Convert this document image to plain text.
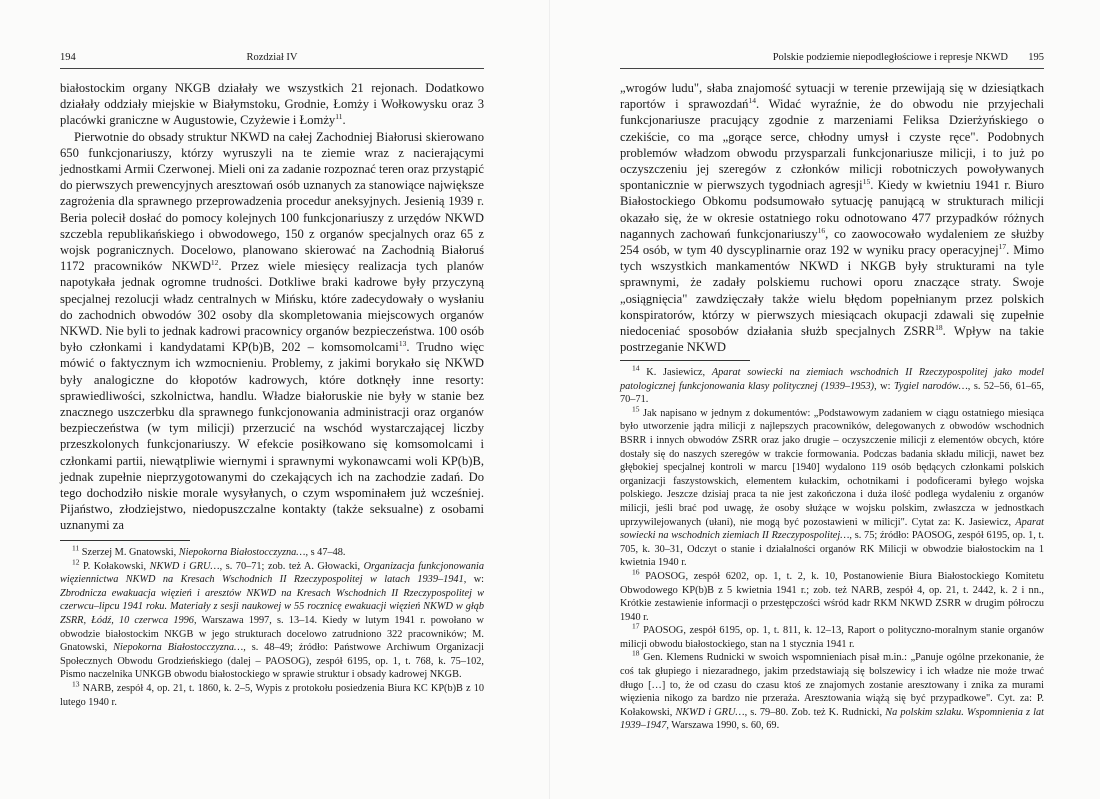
194	Rozdział IV

białostockim organy NKGB działały we wszystkich 21 rejonach. Dodatkowo działały oddziały miejskie w Białymstoku, Grodnie, Łomży i Wołkowysku oraz 3 placówki graniczne w Augustowie, Czyżewie i Łomży$^{11}$.

Pierwotnie do obsady struktur NKWD na całej Zachodniej Białorusi skierowano 650 funkcjonariuszy, którzy wyruszyli na te ziemie wraz z nacierającymi jednostkami Armii Czerwonej. Mieli oni za zadanie rozpoznać teren oraz przystąpić do pierwszych prewencyjnych aresztowań osób uznanych za stanowiące największe zagrożenia dla sprawnego przeprowadzenia procedur aneksyjnych. Jesienią 1939 r. Beria polecił dosłać do pomocy kolejnych 100 funkcjonariuszy z urzędów NKWD szczebla republikańskiego i obwodowego, 150 z organów specjalnych oraz 65 z wojsk pogranicznych. Docelowo, planowano skierować na Zachodnią Białoruś 1172 pracowników NKWD$^{12}$. Przez wiele miesięcy realizacja tych planów napotykała jednak ogromne trudności. Dotkliwe braki kadrowe były przyczyną specjalnej rezolucji władz centralnych w Mińsku, które zadecydowały o wysłaniu do zachodnich obwodów 302 osoby dla skompletowania miejscowych organów NKWD. Nie byli to jednak kadrowi pracownicy organów bezpieczeństwa. 100 osób było członkami i kandydatami KP(b)B, 202 – komsomolcami$^{13}$. Trudno więc mówić o faktycznym ich wzmocnieniu. Problemy, z jakimi borykało się NKWD były analogiczne do kłopotów kadrowych, które dotknęły inne resorty: sprawiedliwości, szkolnictwa, handlu. Władze białoruskie nie były w stanie bez znacznego uszczerbku dla sprawnego funkcjonowania administracji oraz organów bezpieczeństwa (w tym milicji) przerzucić na wschód wystarczającej liczby przeszkolonych funkcjonariuszy. W efekcie posiłkowano się komsomolcami i członkami partii, niewątpliwie wiernymi i sprawnymi wykonawcami woli KP(b)B, jednak zupełnie nieprzygotowanymi do czekających ich na zachodzie zadań. Do tego dochodziło niskie morale wysyłanych, o czym wspominałem już wcześniej. Pijaństwo, złodziejstwo, niedopuszczalne kontakty (także seksualne) z osobami uznanymi za

$^{11}$ Szerzej M. Gnatowski, Niepokorna Białostocczyzna…, s 47–48.

$^{12}$ P. Kołakowski, NKWD i GRU…, s. 70–71; zob. też A. Głowacki, Organizacja funkcjonowania więziennictwa NKWD na Kresach Wschodnich II Rzeczypospolitej w latach 1939–1941, w: Zbrodnicza ewakuacja więzień i aresztów NKWD na Kresach Wschodnich II Rzeczypospolitej w czerwcu–lipcu 1941 roku. Materiały z sesji naukowej w 55 rocznicę ewakuacji więzień NKWD w głąb ZSRR, Łódź, 10 czerwca 1996, Warszawa 1997, s. 13–14. Kiedy w lutym 1941 r. powołano w obwodzie białostockim NKGB w jego strukturach docelowo zatrudniono 322 pracowników; M. Gnatowski, Niepokorna Białostocczyzna…, s. 48–49; źródło: Państwowe Archiwum Organizacji Społecznych Obwodu Grodzieńskiego (dalej – PAOSOG), zespół 6195, op. 1, t. 768, k. 75–102, Pismo naczelnika UNKGB obwodu białostockiego w sprawie struktur i obsady kadrowej NKGB.

$^{13}$ NARB, zespół 4, op. 21, t. 1860, k. 2–5, Wypis z protokołu posiedzenia Biura KC KP(b)B z 10 lutego 1940 r.

Polskie podziemie niepodległościowe i represje NKWD 195

„wrogów ludu", słaba znajomość sytuacji w terenie przewijają się w dziesiątkach raportów i sprawozdań$^{14}$. Widać wyraźnie, że do obwodu nie przyjechali funkcjonariusze pracujący zgodnie z marzeniami Feliksa Dzierżyńskiego o czekiście, co ma „gorące serce, chłodny umysł i czyste ręce". Podobnych problemów władzom obwodu przysparzali funkcjonariusze milicji, i to już po oczyszczeniu jej szeregów z członków milicji robotniczych powoływanych spontanicznie w pierwszych tygodniach agresji$^{15}$. Kiedy w kwietniu 1941 r. Biuro Białostockiego Obkomu podsumowało sytuację panującą w strukturach milicji okazało się, że w okresie ostatniego roku odnotowano 477 przypadków różnych nagannych zachowań funkcjonariuszy$^{16}$, co zaowocowało wydaleniem ze służby 254 osób, w tym 40 dyscyplinarnie oraz 192 w wyniku pracy operacyjnej$^{17}$. Mimo tych wszystkich mankamentów NKWD i NKGB były strukturami na tyle sprawnymi, że zadały polskiemu ruchowi oporu znaczące straty. Swoje „osiągnięcia" zawdzięczały także wielu błędom popełnianym przez polskich konspiratorów, którzy w pierwszych miesiącach okupacji zdawali się zupełnie niedoceniać sposobów działania służb specjalnych ZSRR$^{18}$. Wpływ na takie postrzeganie NKWD

$^{14}$ K. Jasiewicz, Aparat sowiecki na ziemiach wschodnich II Rzeczypospolitej jako model patologicznej funkcjonowania klasy politycznej (1939–1953), w: Tygiel narodów…, s. 52–56, 61–65, 70–71.

$^{15}$ Jak napisano w jednym z dokumentów: „Podstawowym zadaniem w ciągu ostatniego miesiąca było utworzenie jądra milicji z najlepszych pracowników, delegowanych z obwodów wschodnich BSRR i innych obwodów ZSRR oraz jako drugie – oczyszczenie milicji z elementów obcych, które dostały się do naszych szeregów w trakcie formowania. Podczas badania składu milicji, nawet bez głębokiej specjalnej kontroli w marcu [1940] wydalono 119 osób będących członkami polskich organizacji faszystowskich, elementem kułackim, ochotnikami i podoficerami byłego wojska polskiego. Jeszcze dzisiaj praca ta nie jest zakończona i duża ilość podlega wydaleniu z organów milicji, jeśli brać pod uwagę, że osoby służące w wojsku polskim, zwłaszcza w jednostkach uprzywilejowanych (ułani), nie mogą być pozostawieni w milicji". Cytat za: K. Jasiewicz, Aparat sowiecki na wschodnich ziemiach II Rzeczypospolitej…, s. 75; źródło: PAOSOG, zespół 6195, op. 1, t. 705, k. 30–31, Odczyt o stanie i działalności organów RK Milicji w obwodzie białostockim na 1 kwietnia 1940 r.

$^{16}$ PAOSOG, zespół 6202, op. 1, t. 2, k. 10, Postanowienie Biura Białostockiego Komitetu Obwodowego KP(b)B z 5 kwietnia 1941 r.; zob. też NARB, zespół 4, op. 21, t. 2442, k. 2 i nn., Krótkie zestawienie informacji o przestępczości wśród kadr RKM NKWD ZSRR w drugim półroczu 1940 r.

$^{17}$ PAOSOG, zespół 6195, op. 1, t. 811, k. 12–13, Raport o polityczno-moralnym stanie organów milicji obwodu białostockiego, stan na 1 stycznia 1941 r.

$^{18}$ Gen. Klemens Rudnicki w swoich wspomnieniach pisał m.in.: „Panuje ogólne przekonanie, że coś tak głupiego i niezaradnego, jakim przedstawiają się bolszewicy i ich władze nie może trwać długo […] to, że od czasu do czasu ktoś ze znajomych zostanie aresztowany i znika za murami więzienia nikogo za bardzo nie przeraża. Aresztowania wiążą się być przypadkowe". Cyt. za: P. Kołakowski, NKWD i GRU…, s. 79–80. Zob. też K. Rudnicki, Na polskim szlaku. Wspomnienia z lat 1939–1947, Warszawa 1990, s. 60, 69.
